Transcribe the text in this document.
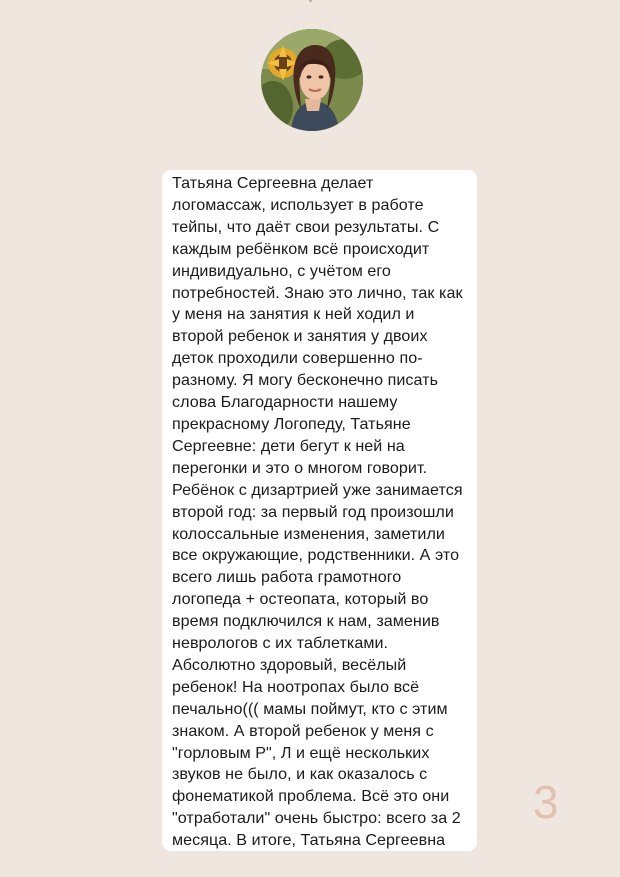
Татьяна Сергеевна делает
логомассаж, использует в работе
тейпы, что даёт свои результаты. С
каждым ребёнком всё происходит
индивидуально, с учётом его
потребностей. Знаю это лично, так как
у меня на занятия к ней ходил и
второй ребенок и занятия у двоих
деток проходили совершенно по-
разному. Я могу бесконечно писать
слова Благодарности нашему
прекрасному Логопеду, Татьяне
Сергеевне: дети бегут к ней на
перегонки и это о многом говорит.
Ребёнок с дизартрией уже занимается
второй год: за первый год произошли
колоссальные изменения, заметили
все окружающие, родственники. А это
всего лишь работа грамотного
логопеда + остеопата, который во
время подключился к нам, заменив
неврологов с их таблетками.
Абсолютно здоровый, весёлый
ребенок! На ноотропах было всё
печально((( мамы поймут, кто с этим
знаком. А второй ребенок у меня с
"горловым Р", Л и ещё нескольких
звуков не было, и как оказалось с
фонематикой проблема. Всё это они
"отработали" очень быстро: всего за 2
месяца. В итоге, Татьяна Сергеевна

3
